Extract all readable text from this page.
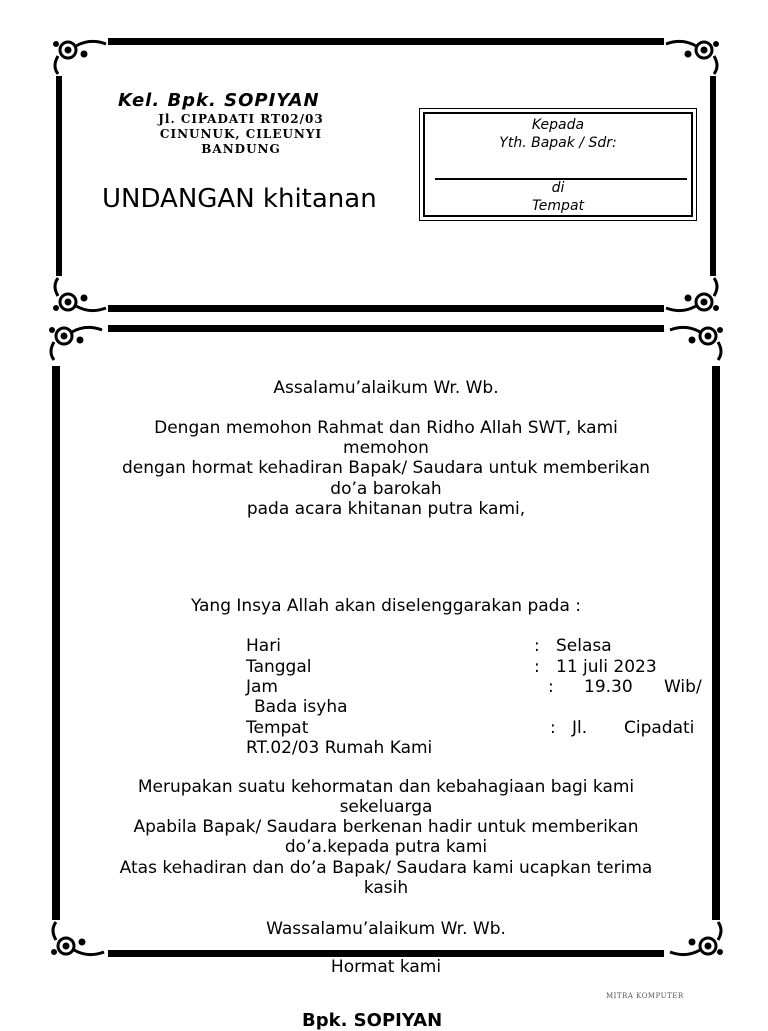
Kel. Bpk. SOPIYAN
Jl. CIPADATI RT02/03
CINUNUK, CILEUNYI
BANDUNG
UNDANGAN khitanan
Kepada
Yth. Bapak / Sdr:
di
Tempat
Assalamu’alaikum Wr. Wb.
Dengan memohon Rahmat dan Ridho Allah SWT, kami
memohon
dengan hormat kehadiran Bapak/ Saudara untuk memberikan
do’a barokah
pada acara khitanan putra kami,
Yang Insya Allah akan diselenggarakan pada :
Hari	: Selasa
Tanggal	: 11 juli 2023
Jam	: 19.30 Wib/
Bada isyha
Tempat	: Jl. Cipadati
RT.02/03 Rumah Kami
Merupakan suatu kehormatan dan kebahagiaan bagi kami
sekeluarga
Apabila Bapak/ Saudara berkenan hadir untuk memberikan
do’a.kepada putra kami
Atas kehadiran dan do’a Bapak/ Saudara kami ucapkan terima
kasih
Wassalamu’alaikum Wr. Wb.
Hormat kami
MITRA KOMPUTER
Bpk. SOPIYAN
